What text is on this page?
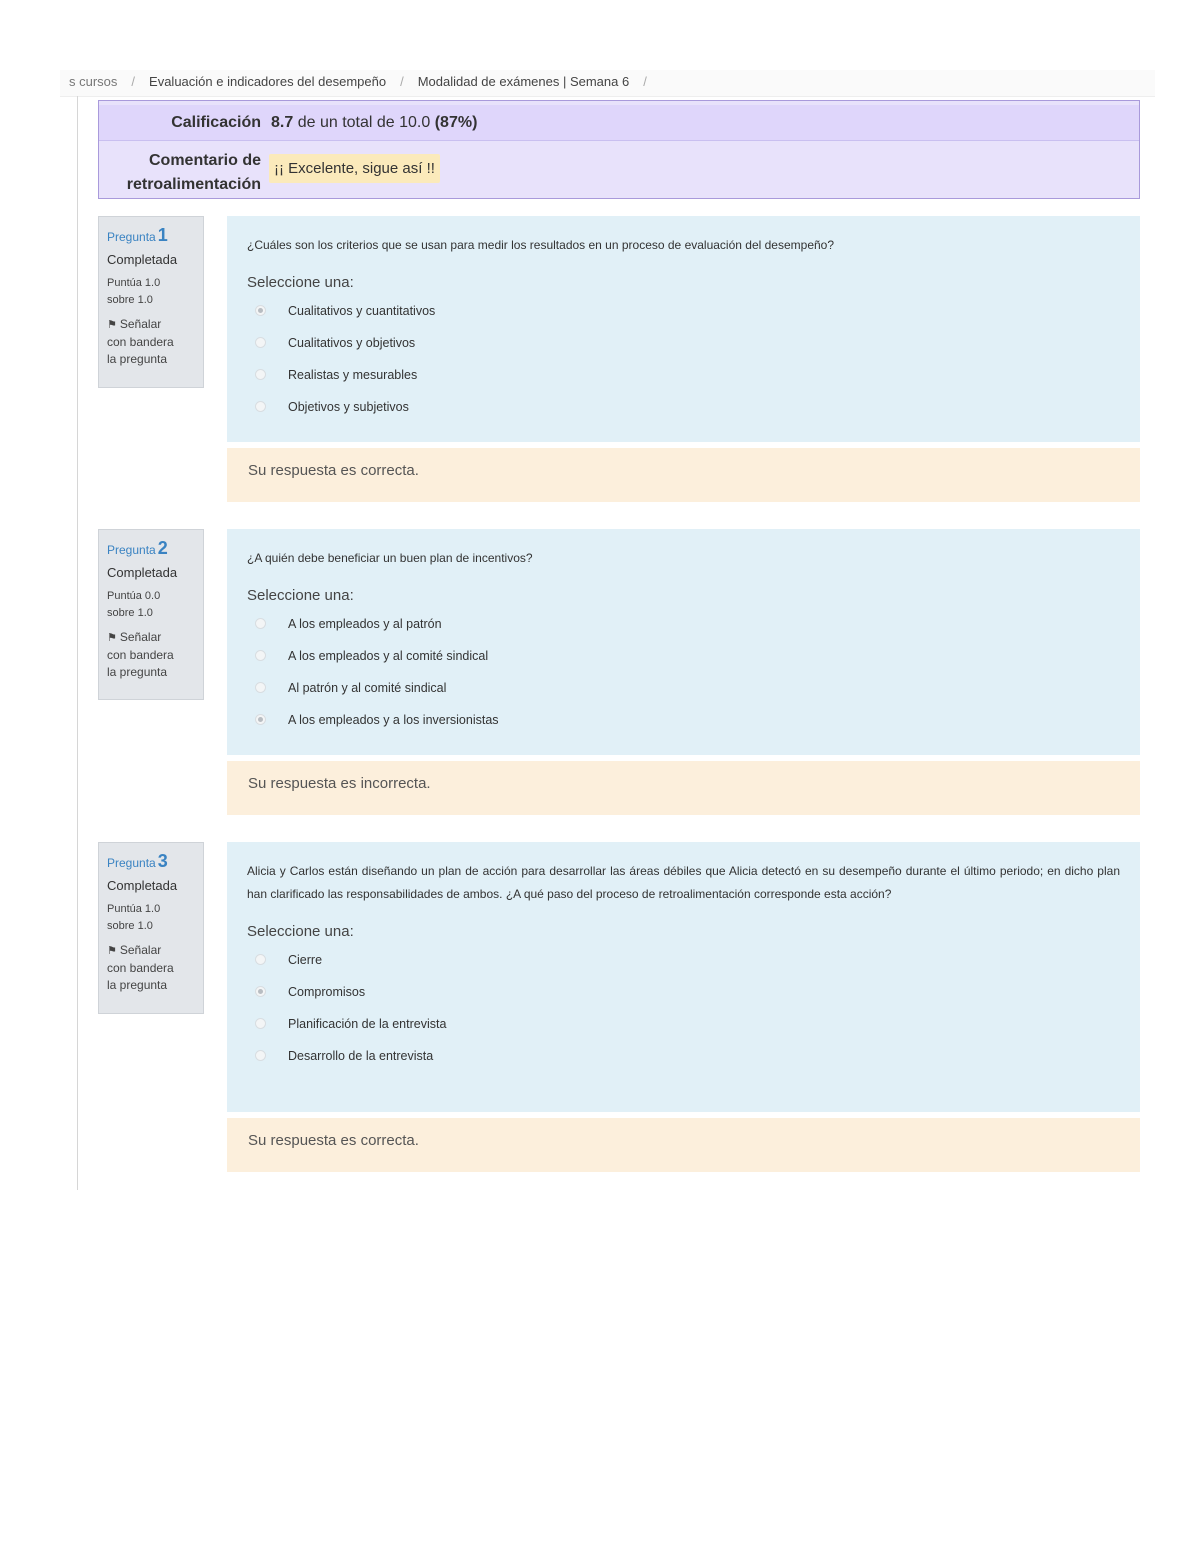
s cursos / Evaluación e indicadores del desempeño / Modalidad de exámenes | Semana 6 /
Calificación 8.7 de un total de 10.0 (87%)
Comentario de
retroalimentación
¡¡ Excelente, sigue así !!
Pregunta 1
Completada
Puntúa 1.0
sobre 1.0
⚑ Señalar
con bandera
la pregunta
¿Cuáles son los criterios que se usan para medir los resultados en un proceso de evaluación del desempeño?
Seleccione una:
Cualitativos y cuantitativos
Cualitativos y objetivos
Realistas y mesurables
Objetivos y subjetivos
Su respuesta es correcta.
Pregunta 2
Completada
Puntúa 0.0
sobre 1.0
⚑ Señalar
con bandera
la pregunta
¿A quién debe beneficiar un buen plan de incentivos?
Seleccione una:
A los empleados y al patrón
A los empleados y al comité sindical
Al patrón y al comité sindical
A los empleados y a los inversionistas
Su respuesta es incorrecta.
Pregunta 3
Completada
Puntúa 1.0
sobre 1.0
⚑ Señalar
con bandera
la pregunta
Alicia y Carlos están diseñando un plan de acción para desarrollar las áreas débiles que Alicia detectó en su desempeño durante el último periodo; en dicho plan han clarificado las responsabilidades de ambos. ¿A qué paso del proceso de retroalimentación corresponde esta acción?
Seleccione una:
Cierre
Compromisos
Planificación de la entrevista
Desarrollo de la entrevista
Su respuesta es correcta.
